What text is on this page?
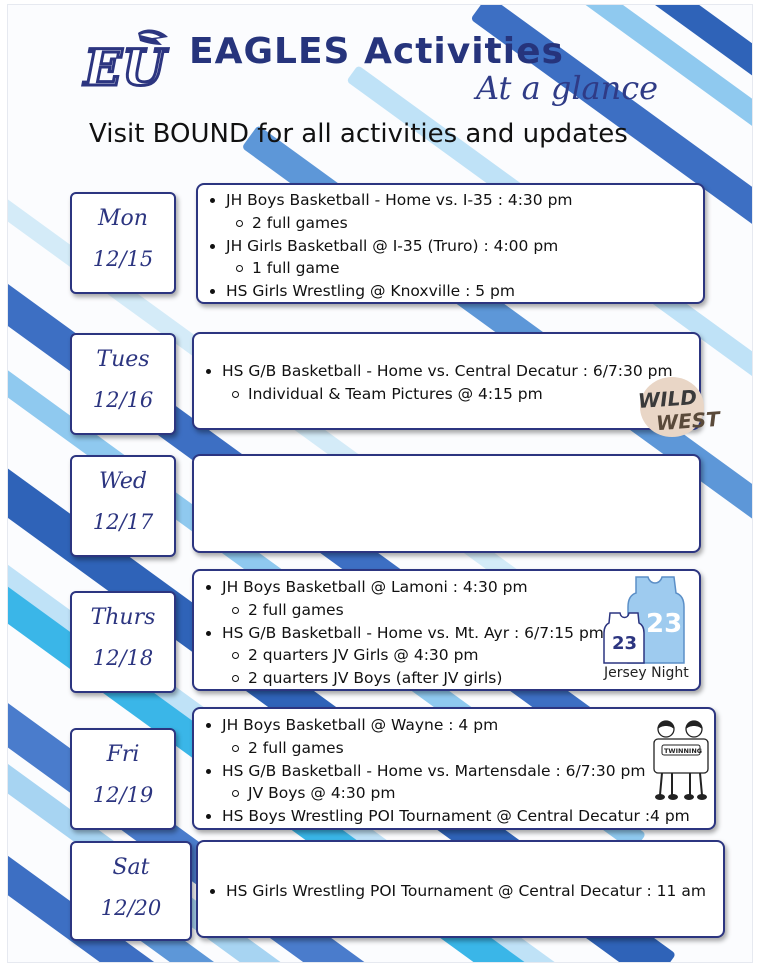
EU EAGLES Activities
At a glance
Visit BOUND for all activities and updates
Mon
12/15
JH Boys Basketball - Home vs. I-35 : 4:30 pm
2 full games
JH Girls Basketball @ I-35 (Truro) : 4:00 pm
1 full game
HS Girls Wrestling @ Knoxville : 5 pm
Tues
12/16
HS G/B Basketball - Home vs. Central Decatur : 6/7:30 pm
Individual & Team Pictures @ 4:15 pm	WILD
WEST
Wed
12/17
Thurs
12/18
JH Boys Basketball @ Lamoni : 4:30 pm
2 full games
HS G/B Basketball - Home vs. Mt. Ayr : 6/7:15 pm
2 quarters JV Girls @ 4:30 pm
2 quarters JV Boys (after JV girls)
23
23
Jersey Night
Fri
12/19
JH Boys Basketball @ Wayne : 4 pm
2 full games
HS G/B Basketball - Home vs. Martensdale : 6/7:30 pm
JV Boys @ 4:30 pm
HS Boys Wrestling POI Tournament @ Central Decatur :4 pm
TWINNING
Sat
12/20
HS Girls Wrestling POI Tournament @ Central Decatur : 11 am
